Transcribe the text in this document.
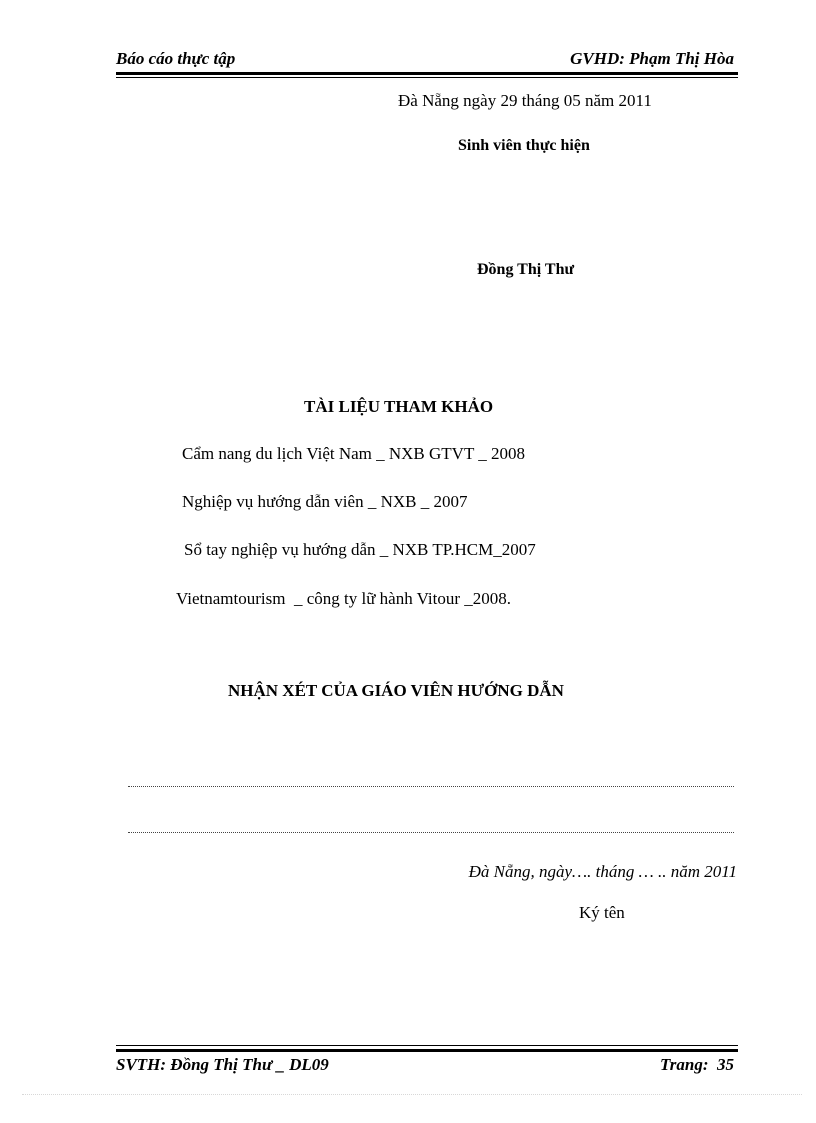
Báo cáo thực tập	GVHD: Phạm Thị Hòa
Đà Nẵng ngày 29 tháng 05 năm 2011
Sinh viên thực hiện
Đồng Thị Thư
TÀI LIỆU THAM KHẢO
Cẩm nang du lịch Việt Nam _ NXB GTVT _ 2008
Nghiệp vụ hướng dẫn viên _ NXB _ 2007
Sổ tay nghiệp vụ hướng dẫn _ NXB TP.HCM_2007
Vietnamtourism  _ công ty lữ hành Vitour _2008.
NHẬN XÉT CỦA GIÁO VIÊN HƯỚNG DẪN
Đà Nẵng, ngày…. tháng … .. năm 2011
Ký tên
SVTH: Đồng Thị Thư _ DL09	Trang:  35
